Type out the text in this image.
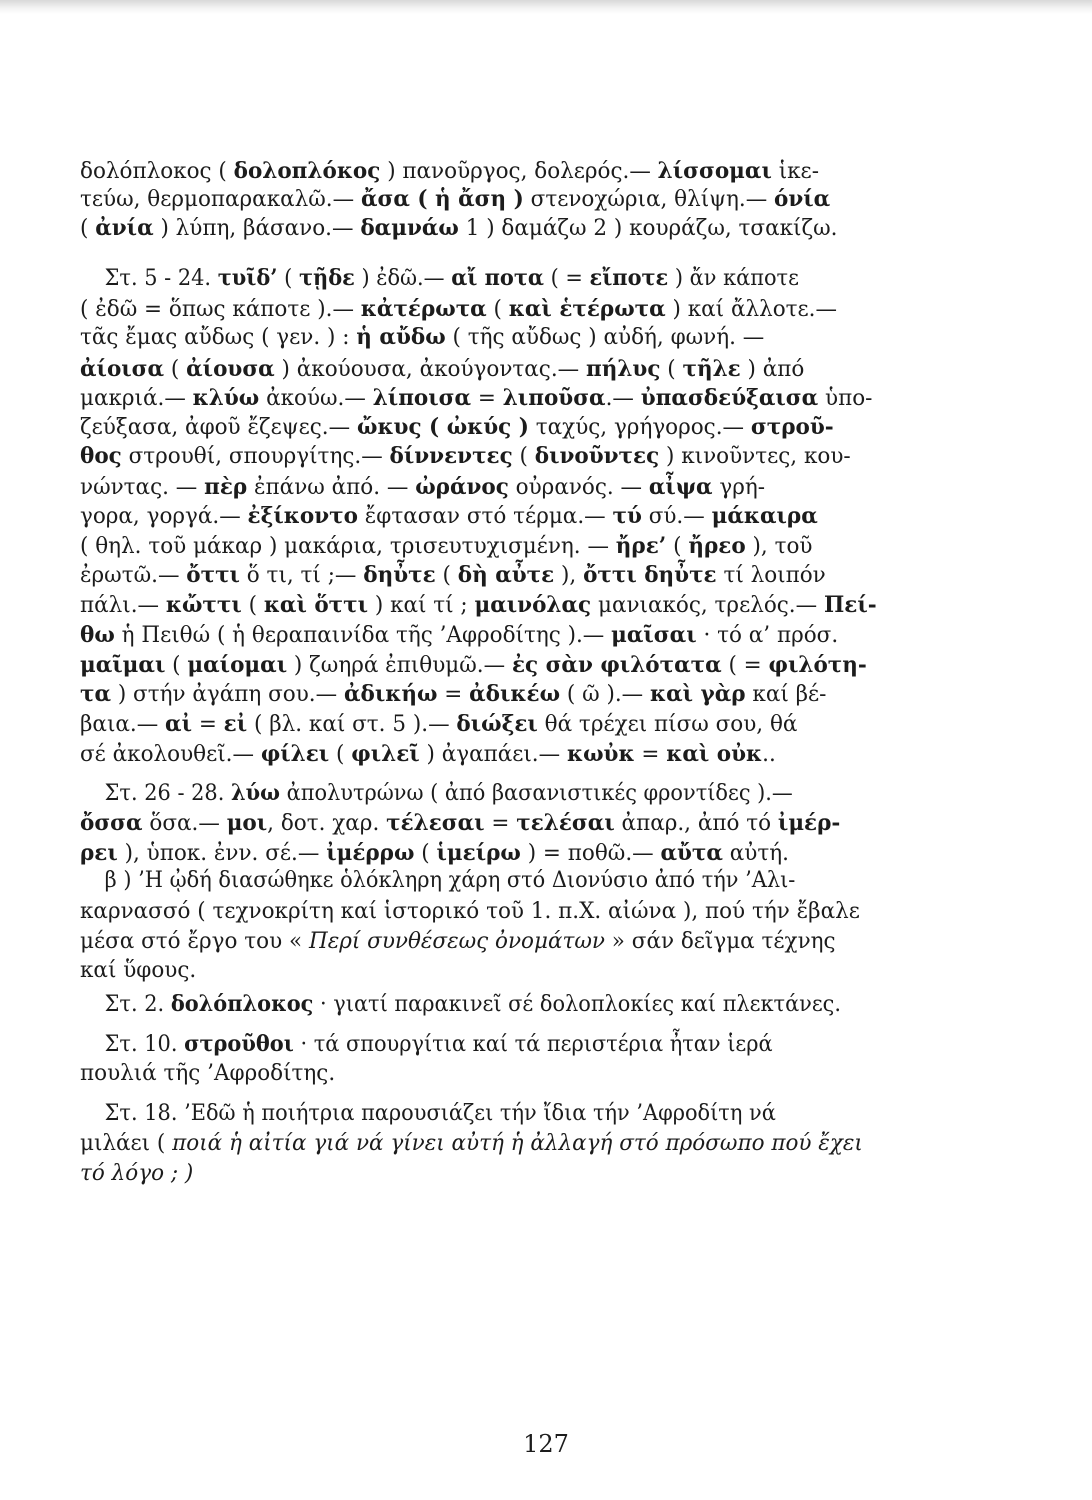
δολόπλοκος ( δολοπλόκος ) πανοῦργος, δολερός.— λίσσομαι ἱκε-
τεύω, θερμοπαρακαλῶ.— ἄσα ( ἡ ἄση ) στενοχώρια, θλίψη.— όνία
( ἀνία ) λύπη, βάσανο.— δαμνάω 1 ) δαμάζω 2 ) κουράζω, τσακίζω.
Στ. 5 - 24. τυῖδ’ ( τῇδε ) ἐδῶ.— αἴ ποτα ( = εἴποτε ) ἄν κάποτε
( ἐδῶ = ὅπως κάποτε ).— κἀτέρωτα ( καὶ ἑτέρωτα ) καί ἄλλοτε.—
τᾶς ἔμας αὔδως ( γεν. ) : ἡ αὔδω ( τῆς αὔδως ) αὐδή, φωνή. —
ἀίοισα ( ἀίουσα ) ἀκούουσα, ἀκούγοντας.— πήλυς ( τῆλε ) ἀπό
μακριά.— κλύω ἀκούω.— λίποισα = λιποῦσα.— ὐπασδεύξαισα ὑπο-
ζεύξασα, ἀφοῦ ἔζεψες.— ὤκυς ( ὠκύς ) ταχύς, γρήγορος.— στροῦ-
θος στρουθί, σπουργίτης.— δίννεντες ( δινοῦντες ) κινοῦντες, κου-
νώντας. — πὲρ ἐπάνω ἀπό. — ὠράνος οὐρανός. — αἶψα γρή-
γορα, γοργά.— ἐξίκοντο ἔφτασαν στό τέρμα.— τύ σύ.— μάκαιρα
( θηλ. τοῦ μάκαρ ) μακάρια, τρισευτυχισμένη. — ἤρε’ ( ἤρεο ), τοῦ
ἐρωτῶ.— ὄττι ὅ τι, τί ;— δηὖτε ( δὴ αὖτε ), ὄττι δηὖτε τί λοιπόν
πάλι.— κὤττι ( καὶ ὅττι ) καί τί ; μαινόλας μανιακός, τρελός.— Πεί-
θω ἡ Πειθώ ( ἡ θεραπαινίδα τῆς ’Αφροδίτης ).— μαῖσαι · τό α’ πρόσ.
μαῖμαι ( μαίομαι ) ζωηρά ἐπιθυμῶ.— ἐς σὰν φιλότατα ( = φιλότη-
τα ) στήν ἀγάπη σου.— ἀδικήω = ἀδικέω ( ῶ ).— καὶ γὰρ καί βέ-
βαια.— αἰ = εἰ ( βλ. καί στ. 5 ).— διώξει θά τρέχει πίσω σου, θά
σέ ἀκολουθεῖ.— φίλει ( φιλεῖ ) ἀγαπάει.— κωὐκ = καὶ οὐκ..
Στ. 26 - 28. λύω ἀπολυτρώνω ( ἀπό βασανιστικές φροντίδες ).—
ὄσσα ὅσα.— μοι, δοτ. χαρ. τέλεσαι = τελέσαι ἀπαρ., ἀπό τό ἰμέρ-
ρει ), ὑποκ. ἐνν. σέ.— ἰμέρρω ( ἱμείρω ) = ποθῶ.— αὔτα αὐτή.
β ) ’Η ᾠδή διασώθηκε ὁλόκληρη χάρη στό Διονύσιο ἀπό τήν ’Αλι-
καρνασσό ( τεχνοκρίτη καί ἱστορικό τοῦ 1. π.Χ. αἰώνα ), πού τήν ἔβαλε
μέσα στό ἔργο του « Περί συνθέσεως ὀνομάτων » σάν δεῖγμα τέχνης
καί ὕφους.
Στ. 2. δολόπλοκος · γιατί παρακινεῖ σέ δολοπλοκίες καί πλεκτάνες.
Στ. 10. στροῦθοι · τά σπουργίτια καί τά περιστέρια ἦταν ἱερά
πουλιά τῆς ’Αφροδίτης.
Στ. 18. ’Εδῶ ἡ ποιήτρια παρουσιάζει τήν ἴδια τήν ’Αφροδίτη νά
μιλάει ( ποιά ἡ αἰτία γιά νά γίνει αὐτή ἡ ἀλλαγή στό πρόσωπο πού ἔχει
τό λόγο ; )
127
